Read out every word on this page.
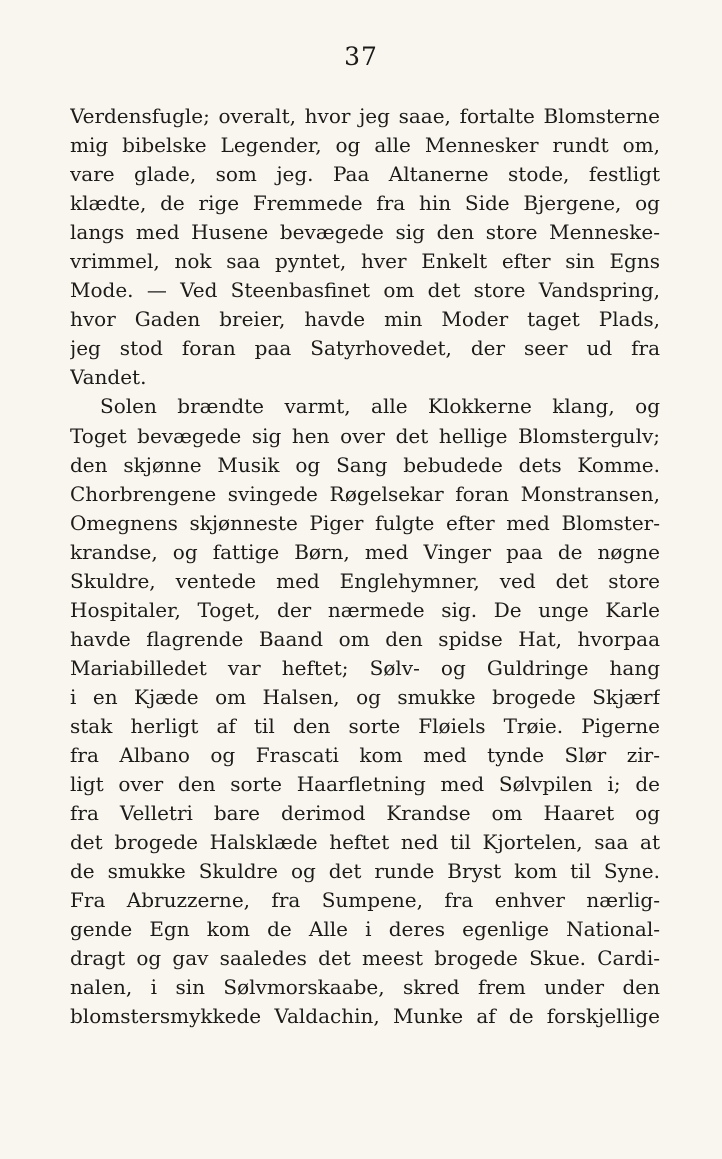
37
Verdensfugle; overalt, hvor jeg saae, fortalte Blomsterne
mig bibelske Legender, og alle Mennesker rundt om,
vare glade, som jeg. Paa Altanerne stode, festligt
klædte, de rige Fremmede fra hin Side Bjergene, og
langs med Husene bevægede sig den store Menneske-
vrimmel, nok saa pyntet, hver Enkelt efter sin Egns
Mode. — Ved Steenbasfinet om det store Vandspring,
hvor Gaden breier, havde min Moder taget Plads,
jeg stod foran paa Satyrhovedet, der seer ud fra
Vandet.
Solen brændte varmt, alle Klokkerne klang, og
Toget bevægede sig hen over det hellige Blomstergulv;
den skjønne Musik og Sang bebudede dets Komme.
Chorbrengene svingede Røgelsekar foran Monstransen,
Omegnens skjønneste Piger fulgte efter med Blomster-
krandse, og fattige Børn, med Vinger paa de nøgne
Skuldre, ventede med Englehymner, ved det store
Hospitaler, Toget, der nærmede sig. De unge Karle
havde flagrende Baand om den spidse Hat, hvorpaa
Mariabilledet var heftet; Sølv- og Guldringe hang
i en Kjæde om Halsen, og smukke brogede Skjærf
stak herligt af til den sorte Fløiels Trøie. Pigerne
fra Albano og Frascati kom med tynde Slør zir-
ligt over den sorte Haarfletning med Sølvpilen i; de
fra Velletri bare derimod Krandse om Haaret og
det brogede Halsklæde heftet ned til Kjortelen, saa at
de smukke Skuldre og det runde Bryst kom til Syne.
Fra Abruzzerne, fra Sumpene, fra enhver nærlig-
gende Egn kom de Alle i deres egenlige National-
dragt og gav saaledes det meest brogede Skue. Cardi-
nalen, i sin Sølvmorskaabe, skred frem under den
blomstersmykkede Valdachin, Munke af de forskjellige
